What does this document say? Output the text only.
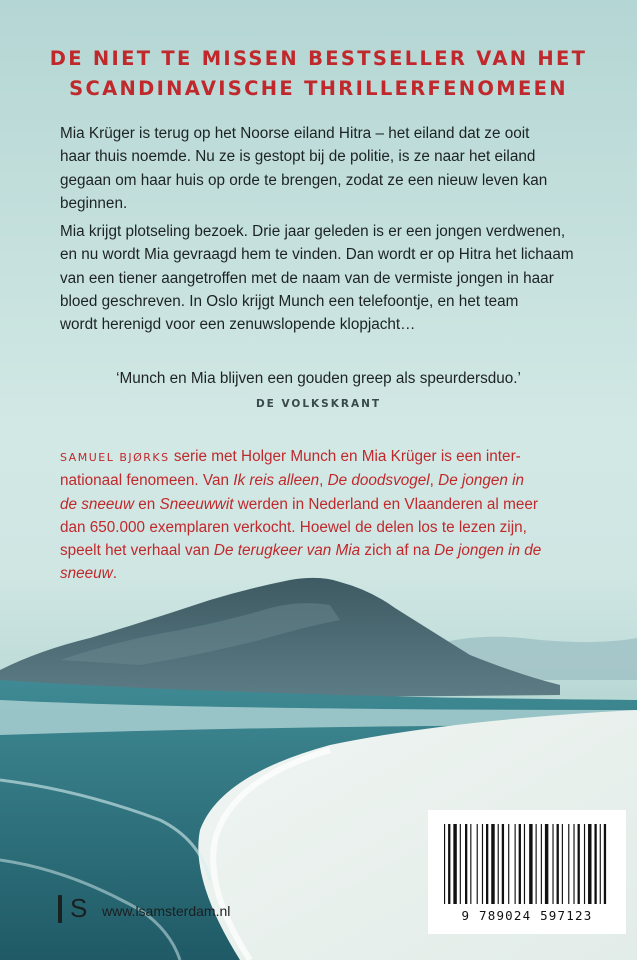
DE NIET TE MISSEN BESTSELLER VAN HET
SCANDINAVISCHE THRILLERFENOMEEN

Mia Krüger is terug op het Noorse eiland Hitra – het eiland dat ze ooit
haar thuis noemde. Nu ze is gestopt bij de politie, is ze naar het eiland
gegaan om haar huis op orde te brengen, zodat ze een nieuw leven kan
beginnen.

Mia krijgt plotseling bezoek. Drie jaar geleden is er een jongen verdwenen,
en nu wordt Mia gevraagd hem te vinden. Dan wordt er op Hitra het lichaam
van een tiener aangetroffen met de naam van de vermiste jongen in haar
bloed geschreven. In Oslo krijgt Munch een telefoontje, en het team
wordt herenigd voor een zenuwslopende klopjacht…

‘Munch en Mia blijven een gouden greep als speurdersduo.’
DE VOLKSKRANT

SAMUEL BJØRKS serie met Holger Munch en Mia Krüger is een inter-
nationaal fenomeen. Van Ik reis alleen, De doodsvogel, De jongen in
de sneeuw en Sneeuwwit werden in Nederland en Vlaanderen al meer
dan 650.000 exemplaren verkocht. Hoewel de delen los te lezen zijn,
speelt het verhaal van De terugkeer van Mia zich af na De jongen in de
sneeuw.

S www.lsamsterdam.nl	9 789024 597123
